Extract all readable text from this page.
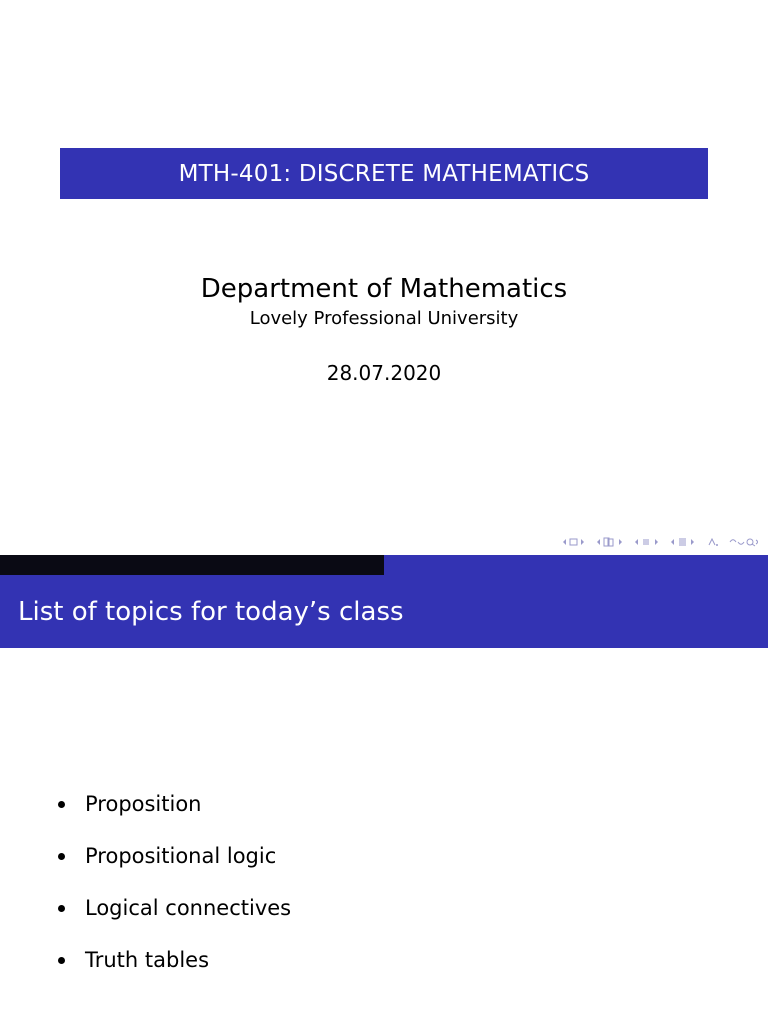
MTH-401: DISCRETE MATHEMATICS
Department of Mathematics
Lovely Professional University
28.07.2020
List of topics for today’s class
Proposition
Propositional logic
Logical connectives
Truth tables
